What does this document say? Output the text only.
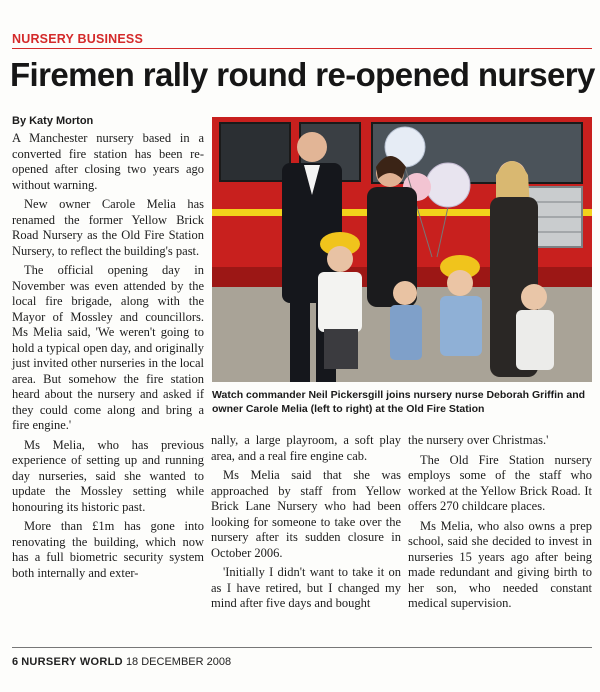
NURSERY BUSINESS
Firemen rally round re-opened nursery
By Katy Morton

A Manchester nursery based in a converted fire station has been re-opened after closing two years ago without warning.

New owner Carole Melia has renamed the former Yellow Brick Road Nursery as the Old Fire Station Nursery, to reflect the building's past.

The official opening day in November was even attended by the local fire brigade, along with the Mayor of Mossley and councillors. Ms Melia said, 'We weren't going to hold a typical open day, and originally just invited other nurseries in the local area. But somehow the fire station heard about the nursery and asked if they could come along and bring a fire engine.'

Ms Melia, who has previous experience of setting up and running day nurseries, said she wanted to update the Mossley setting while honouring its historic past.

More than £1m has gone into renovating the building, which now has a full biometric security system both internally and exter-

Watch commander Neil Pickersgill joins nursery nurse Deborah Griffin and owner Carole Melia (left to right) at the Old Fire Station

nally, a large playroom, a soft play area, and a real fire engine cab.

Ms Melia said that she was approached by staff from Yellow Brick Lane Nursery who had been looking for someone to take over the nursery after its sudden closure in October 2006.

'Initially I didn't want to take it on as I have retired, but I changed my mind after five days and bought

the nursery over Christmas.'

The Old Fire Station nursery employs some of the staff who worked at the Yellow Brick Road. It offers 270 childcare places.

Ms Melia, who also owns a prep school, said she decided to invest in nurseries 15 years ago after being made redundant and giving birth to her son, who needed constant medical supervision.

6 NURSERY WORLD 18 DECEMBER 2008
